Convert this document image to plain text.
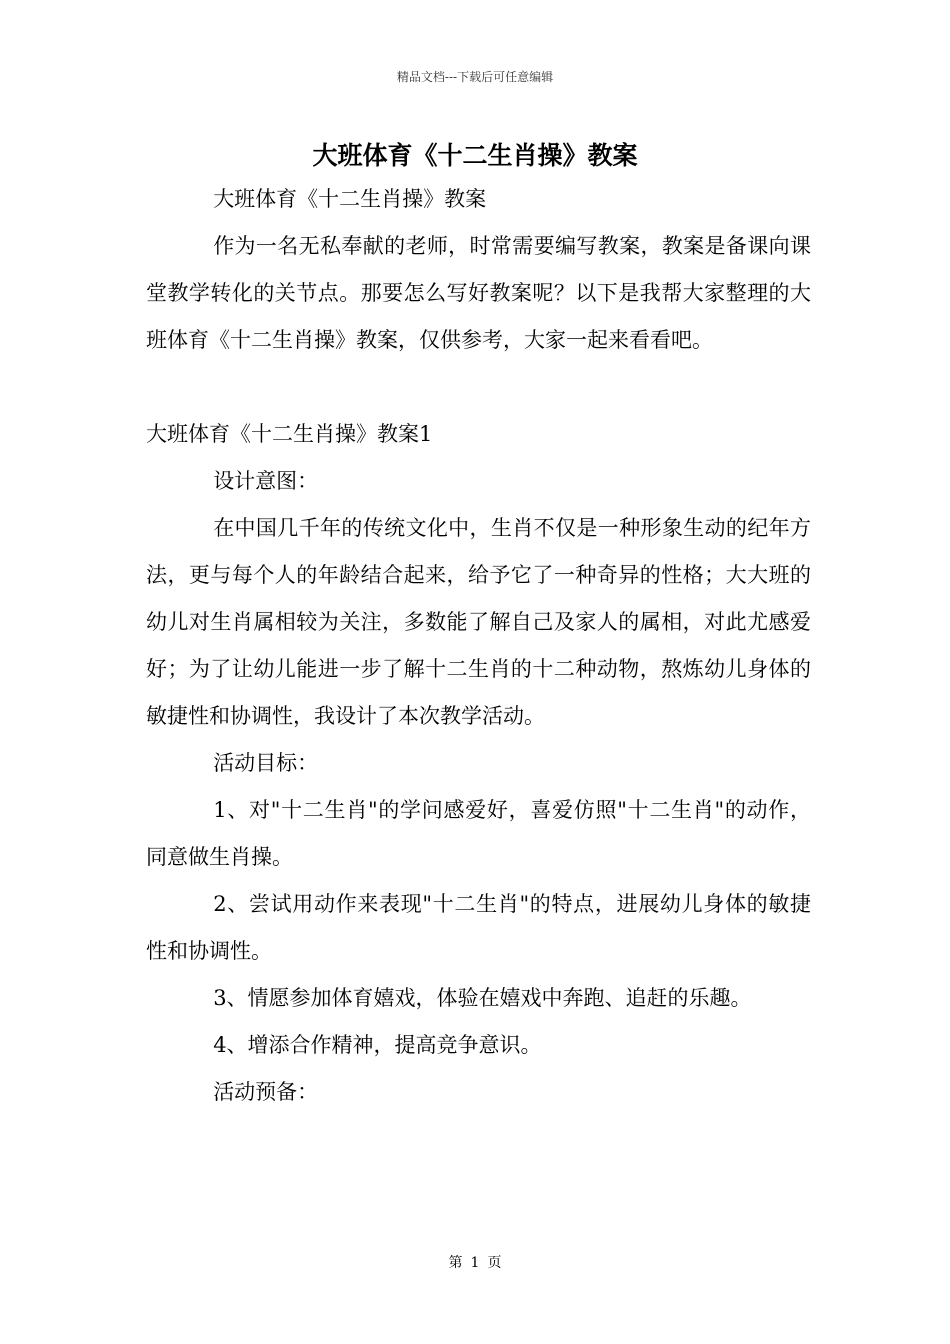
精品文档---下载后可任意编辑
大班体育《十二生肖操》教案

大班体育《十二生肖操》教案

作为一名无私奉献的老师，时常需要编写教案，教案是备课向课堂教学转化的关节点。那要怎么写好教案呢？以下是我帮大家整理的大班体育《十二生肖操》教案，仅供参考，大家一起来看看吧。

大班体育《十二生肖操》教案1

设计意图：

在中国几千年的传统文化中，生肖不仅是一种形象生动的纪年方法，更与每个人的年龄结合起来，给予它了一种奇异的性格；大大班的幼儿对生肖属相较为关注，多数能了解自己及家人的属相，对此尤感爱好；为了让幼儿能进一步了解十二生肖的十二种动物，熬炼幼儿身体的敏捷性和协调性，我设计了本次教学活动。

活动目标：

1、对"十二生肖"的学问感爱好，喜爱仿照"十二生肖"的动作，同意做生肖操。

2、尝试用动作来表现"十二生肖"的特点，进展幼儿身体的敏捷性和协调性。

3、情愿参加体育嬉戏，体验在嬉戏中奔跑、追赶的乐趣。

4、增添合作精神，提高竞争意识。

活动预备：

第 1 页
